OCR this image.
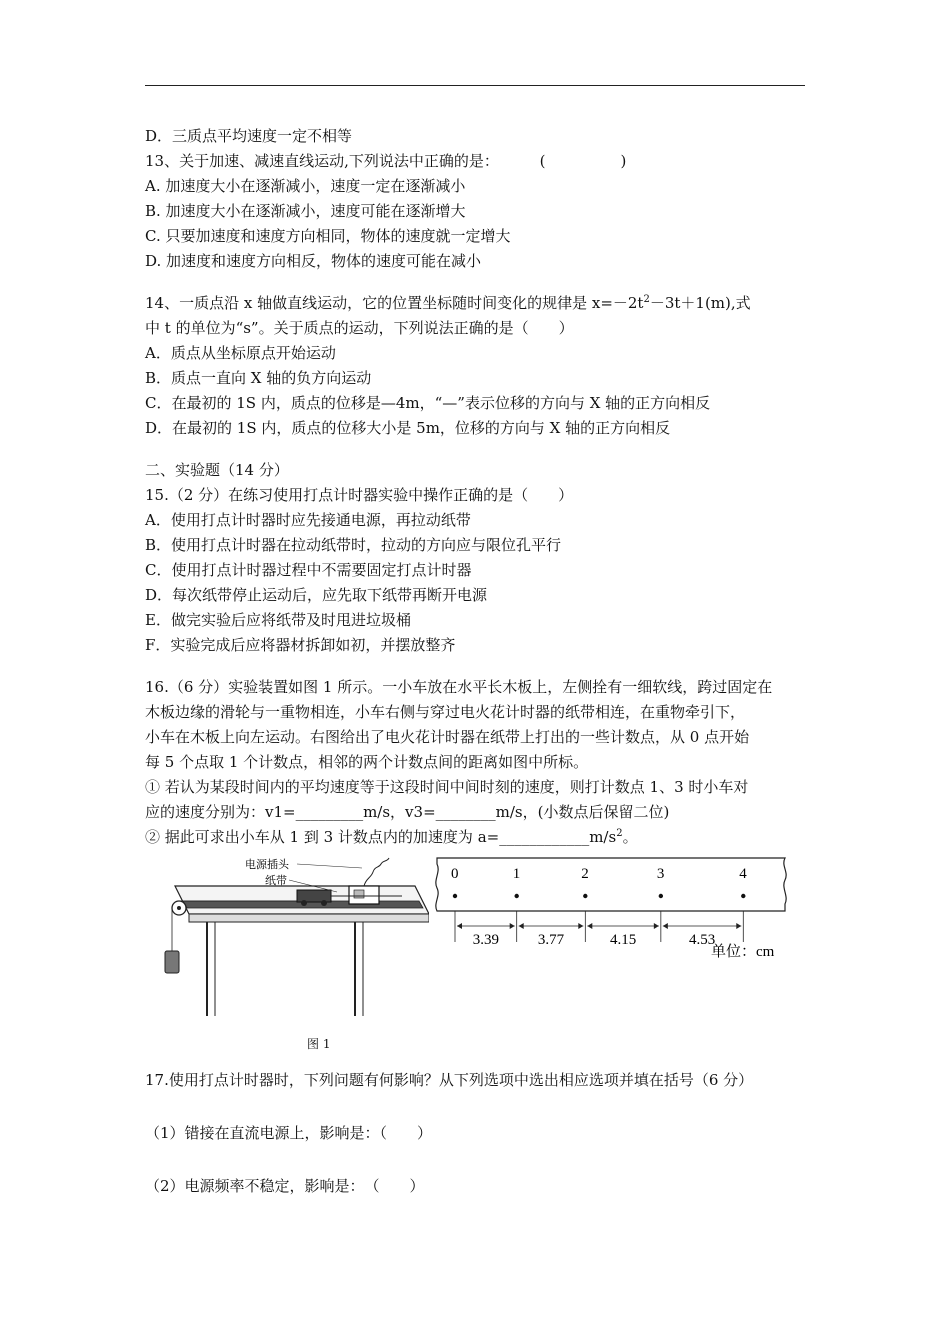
D．三质点平均速度一定不相等
13、关于加速、减速直线运动,下列说法中正确的是：	(　　　　　)
A. 加速度大小在逐渐减小，速度一定在逐渐减小
B. 加速度大小在逐渐减小，速度可能在逐渐增大
C. 只要加速度和速度方向相同，物体的速度就一定增大
D. 加速度和速度方向相反，物体的速度可能在减小
14、一质点沿 x 轴做直线运动，它的位置坐标随时间变化的规律是 $x=-2t^2-3t+1(m)$,式
中 t 的单位为“s”。关于质点的运动，下列说法正确的是（　　）
A．质点从坐标原点开始运动
B．质点一直向 X 轴的负方向运动
C．在最初的 1S 内，质点的位移是—4m，“—”表示位移的方向与 X 轴的正方向相反
D．在最初的 1S 内，质点的位移大小是 5m，位移的方向与 X 轴的正方向相反
二、实验题（14 分）
15.（2 分）在练习使用打点计时器实验中操作正确的是（　　）
A．使用打点计时器时应先接通电源，再拉动纸带
B．使用打点计时器在拉动纸带时，拉动的方向应与限位孔平行
C．使用打点计时器过程中不需要固定打点计时器
D．每次纸带停止运动后，应先取下纸带再断开电源
E．做完实验后应将纸带及时甩进垃圾桶
F．实验完成后应将器材拆卸如初，并摆放整齐
16.（6 分）实验装置如图 1 所示。一小车放在水平长木板上，左侧拴有一细软线，跨过固定在
木板边缘的滑轮与一重物相连，小车右侧与穿过电火花计时器的纸带相连，在重物牵引下，
小车在木板上向左运动。右图给出了电火花计时器在纸带上打出的一些计数点，从 0 点开始
每 5 个点取 1 个计数点，相邻的两个计数点间的距离如图中所标。
① 若认为某段时间内的平均速度等于这段时间中间时刻的速度，则打计数点 1、3 时小车对
应的速度分别为：v1=_________m/s，v3=________m/s，(小数点后保留二位)
② 据此可求出小车从 1 到 3 计数点内的加速度为 $a=\_\_\_\_\_\_\_\_\_\_\_\_m/s^2$。
电源插头
纸带	0	1	2	3	4
3.39	3.77	4.15	4.53
单位：cm
图 1
17.使用打点计时器时，下列问题有何影响？从下列选项中选出相应选项并填在括号（6 分）
（1）错接在直流电源上，影响是：（　　）
（2）电源频率不稳定，影响是：　（　　）
